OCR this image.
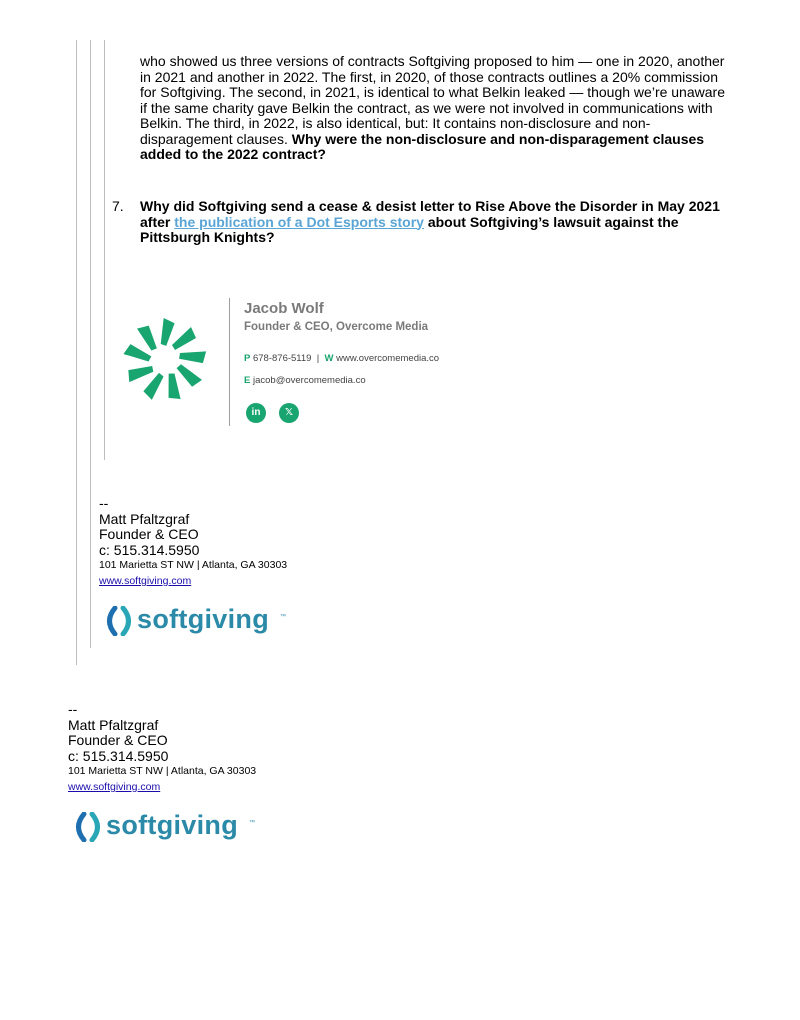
who showed us three versions of contracts Softgiving proposed to him — one in 2020, another in 2021 and another in 2022. The first, in 2020, of those contracts outlines a 20% commission for Softgiving. The second, in 2021, is identical to what Belkin leaked — though we’re unaware if the same charity gave Belkin the contract, as we were not involved in communications with Belkin. The third, in 2022, is also identical, but: It contains non-disclosure and non-disparagement clauses. Why were the non-disclosure and non-disparagement clauses added to the 2022 contract?
7. Why did Softgiving send a cease & desist letter to Rise Above the Disorder in May 2021 after the publication of a Dot Esports story about Softgiving’s lawsuit against the Pittsburgh Knights?
Jacob Wolf
Founder & CEO, Overcome Media
P 678-876-5119 | W www.overcomemedia.co
E jacob@overcomemedia.co
in	𝕏
--
Matt Pfaltzgraf
Founder & CEO
c: 515.314.5950
101 Marietta ST NW | Atlanta, GA 30303
www.softgiving.com
softgiving ™
--
Matt Pfaltzgraf
Founder & CEO
c: 515.314.5950
101 Marietta ST NW | Atlanta, GA 30303
www.softgiving.com
softgiving ™
